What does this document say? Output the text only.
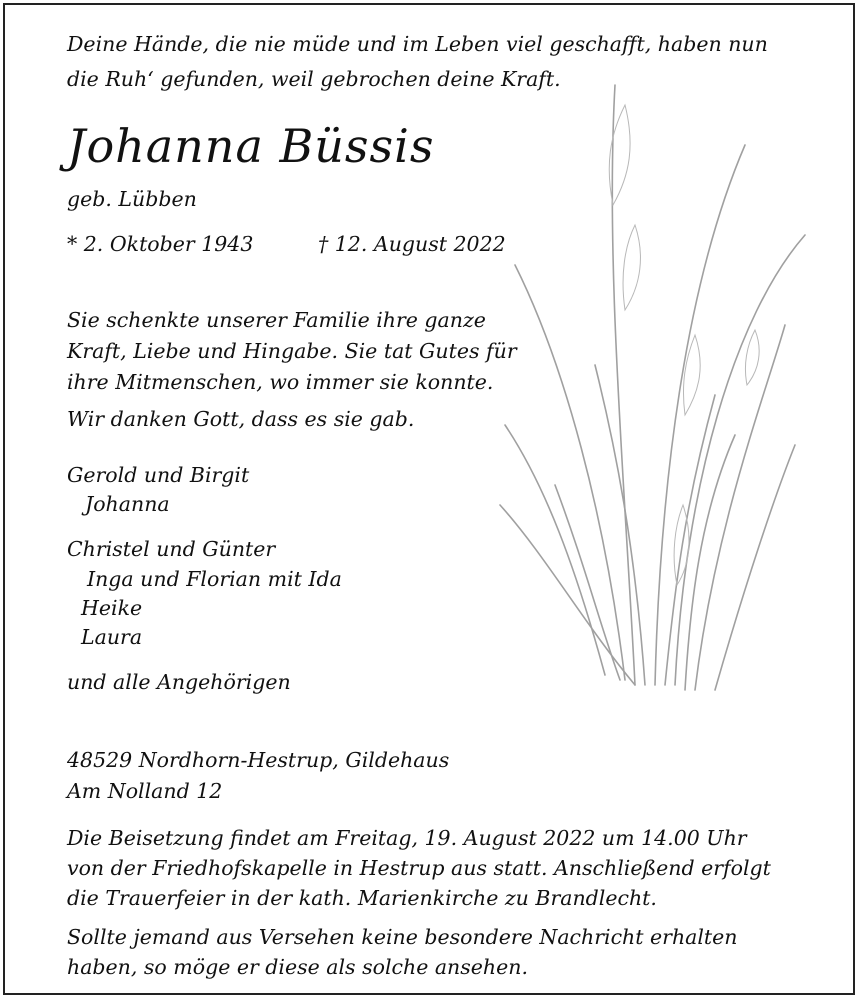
Deine Hände, die nie müde und im Leben viel geschafft, haben nun
die Ruh‘ gefunden, weil gebrochen deine Kraft.
Johanna Büssis
geb. Lübben
* 2. Oktober 1943	† 12. August 2022
Sie schenkte unserer Familie ihre ganze
Kraft, Liebe und Hingabe. Sie tat Gutes für
ihre Mitmenschen, wo immer sie konnte.
Wir danken Gott, dass es sie gab.
Gerold und Birgit
Johanna
Christel und Günter
Inga und Florian mit Ida
Heike
Laura
und alle Angehörigen
48529 Nordhorn-Hestrup, Gildehaus
Am Nolland 12
Die Beisetzung findet am Freitag, 19. August 2022 um 14.00 Uhr
von der Friedhofskapelle in Hestrup aus statt. Anschließend erfolgt
die Trauerfeier in der kath. Marienkirche zu Brandlecht.
Sollte jemand aus Versehen keine besondere Nachricht erhalten
haben, so möge er diese als solche ansehen.
